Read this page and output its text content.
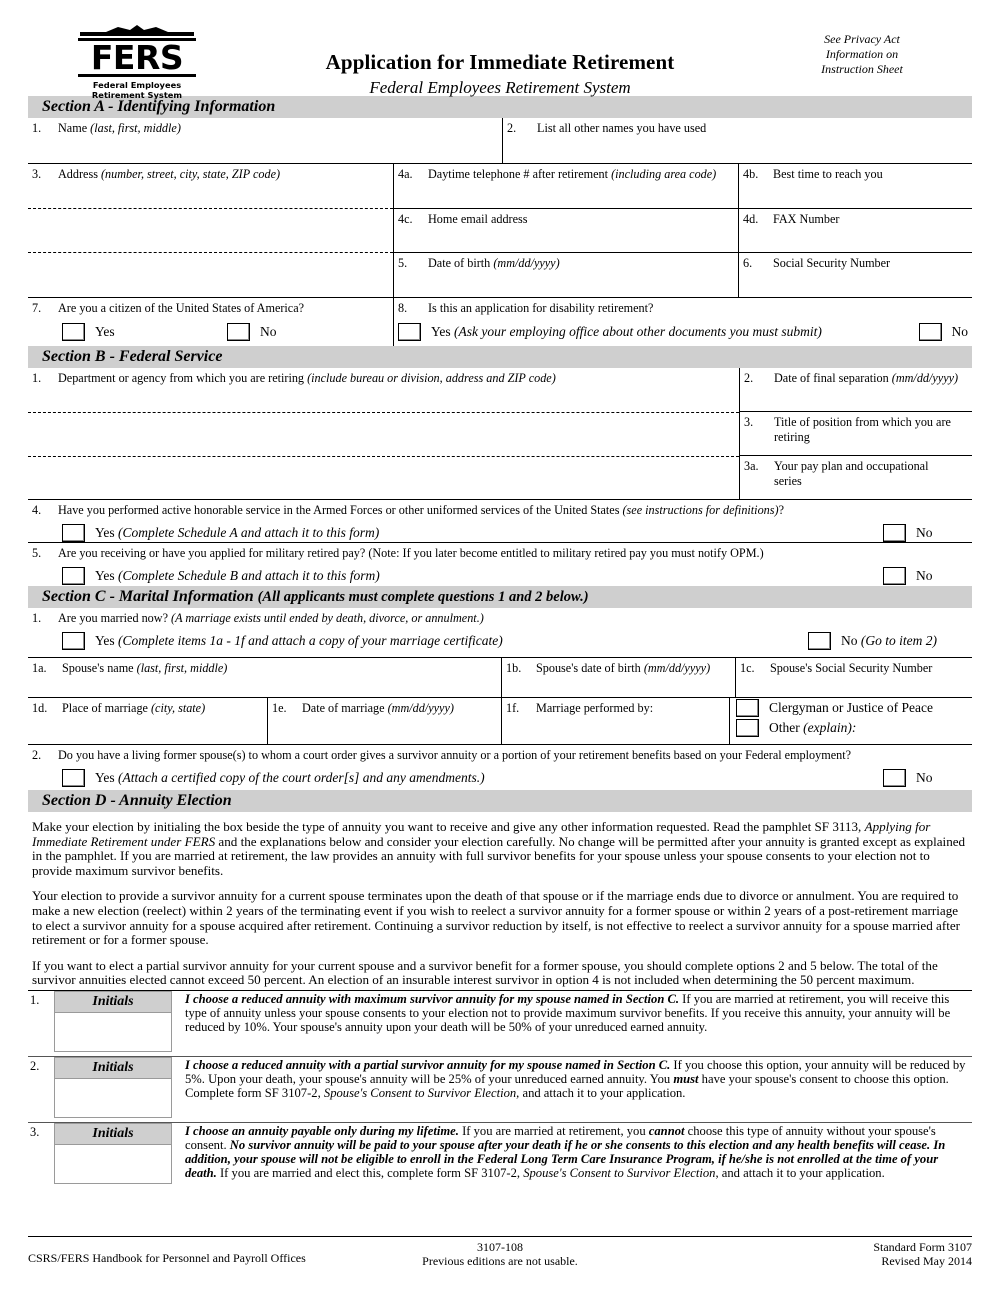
FERS
Federal Employees
Retirement System
Application for Immediate Retirement
Federal Employees Retirement System
See Privacy Act
Information on
Instruction Sheet
Section A - Identifying Information
1. Name (last, first, middle)	2. List all other names you have used
3. Address (number, street, city, state, ZIP code)	4a. Daytime telephone # after retirement (including area code)	4b. Best time to reach you
4c. Home email address	4d. FAX Number
5. Date of birth (mm/dd/yyyy)	6. Social Security Number
7. Are you a citizen of the United States of America?
Yes	No
8. Is this an application for disability retirement?
Yes (Ask your employing office about other documents you must submit)	No
Section B - Federal Service
1. Department or agency from which you are retiring (include bureau or division, address and ZIP code)	2. Date of final separation (mm/dd/yyyy)
3. Title of position from which you are retiring
3a. Your pay plan and occupational series
4. Have you performed active honorable service in the Armed Forces or other uniformed services of the United States (see instructions for definitions)?
Yes (Complete Schedule A and attach it to this form)	No
5. Are you receiving or have you applied for military retired pay? (Note: If you later become entitled to military retired pay you must notify OPM.)
Yes (Complete Schedule B and attach it to this form)	No
Section C - Marital Information (All applicants must complete questions 1 and 2 below.)
1. Are you married now? (A marriage exists until ended by death, divorce, or annulment.)
Yes (Complete items 1a - 1f and attach a copy of your marriage certificate)	No (Go to item 2)
1a. Spouse's name (last, first, middle)	1b. Spouse's date of birth (mm/dd/yyyy)	1c. Spouse's Social Security Number
1d. Place of marriage (city, state)	1e. Date of marriage (mm/dd/yyyy)	1f. Marriage performed by:	Clergyman or Justice of Peace
Other (explain):
2. Do you have a living former spouse(s) to whom a court order gives a survivor annuity or a portion of your retirement benefits based on your Federal employment?
Yes (Attach a certified copy of the court order[s] and any amendments.)	No
Section D - Annuity Election

Make your election by initialing the box beside the type of annuity you want to receive and give any other information requested. Read the pamphlet SF 3113, Applying for Immediate Retirement under FERS and the explanations below and consider your election carefully. No change will be permitted after your annuity is granted except as explained in the pamphlet. If you are married at retirement, the law provides an annuity with full survivor benefits for your spouse unless your spouse consents to your election not to provide maximum survivor benefits.

Your election to provide a survivor annuity for a current spouse terminates upon the death of that spouse or if the marriage ends due to divorce or annulment. You are required to make a new election (reelect) within 2 years of the terminating event if you wish to reelect a survivor annuity for a former spouse or within 2 years of a post-retirement marriage to elect a survivor annuity for a spouse acquired after retirement. Continuing a survivor reduction by itself, is not effective to reelect a survivor annuity for a spouse married after retirement or for a former spouse.

If you want to elect a partial survivor annuity for your current spouse and a survivor benefit for a former spouse, you should complete options 2 and 5 below. The total of the survivor annuities elected cannot exceed 50 percent. An election of an insurable interest survivor in option 4 is not included when determining the 50 percent maximum.

1.	Initials	I choose a reduced annuity with maximum survivor annuity for my spouse named in Section C. If you are married at retirement, you will receive this type of annuity unless your spouse consents to your election not to provide maximum survivor benefits. If you receive this annuity, your annuity will be reduced by 10%. Your spouse's annuity upon your death will be 50% of your unreduced earned annuity.
2.	Initials	I choose a reduced annuity with a partial survivor annuity for my spouse named in Section C. If you choose this option, your annuity will be reduced by 5%. Upon your death, your spouse's annuity will be 25% of your unreduced earned annuity. You must have your spouse's consent to choose this option. Complete form SF 3107-2, Spouse's Consent to Survivor Election, and attach it to your application.
3.	Initials	I choose an annuity payable only during my lifetime. If you are married at retirement, you cannot choose this type of annuity without your spouse's consent. No survivor annuity will be paid to your spouse after your death if he or she consents to this election and any health benefits will cease. In addition, your spouse will not be eligible to enroll in the Federal Long Term Care Insurance Program, if he/she is not enrolled at the time of your death. If you are married and elect this, complete form SF 3107-2, Spouse's Consent to Survivor Election, and attach it to your application.
CSRS/FERS Handbook for Personnel and Payroll Offices
3107-108
Previous editions are not usable.
Standard Form 3107
Revised May 2014
